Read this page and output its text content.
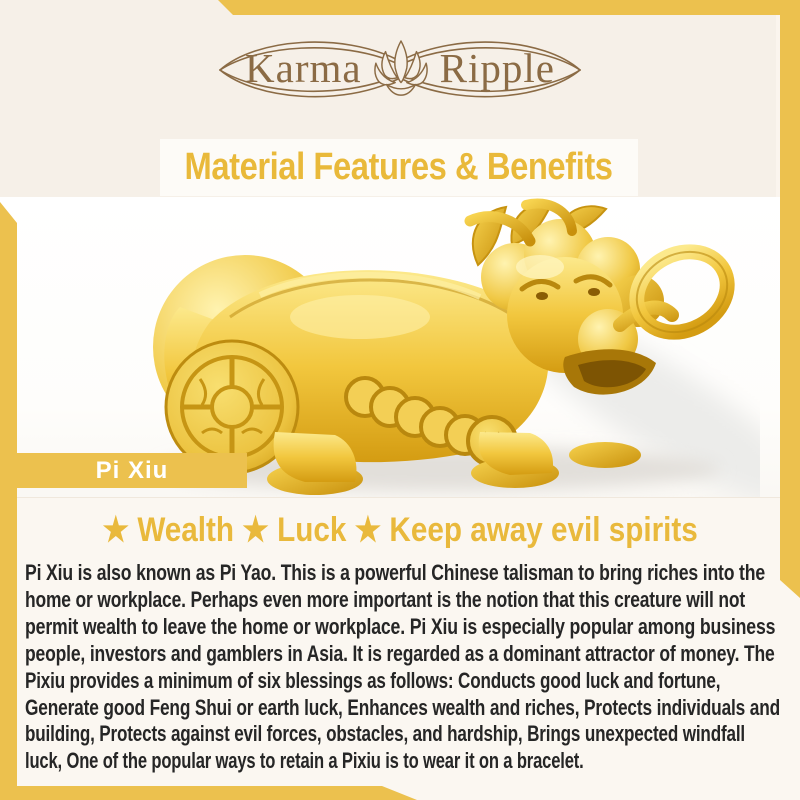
Karma Ripple
Material Features & Benefits
Pi Xiu
★ Wealth ★ Luck ★ Keep away evil spirits
Pi Xiu is also known as Pi Yao. This is a powerful Chinese talisman to bring riches into the
home or workplace. Perhaps even more important is the notion that this creature will not
permit wealth to leave the home or workplace. Pi Xiu is especially popular among business
people, investors and gamblers in Asia. It is regarded as a dominant attractor of money. The
Pixiu provides a minimum of six blessings as follows: Conducts good luck and fortune,
Generate good Feng Shui or earth luck, Enhances wealth and riches, Protects individuals and
building, Protects against evil forces, obstacles, and hardship, Brings unexpected windfall
luck, One of the popular ways to retain a Pixiu is to wear it on a bracelet.
